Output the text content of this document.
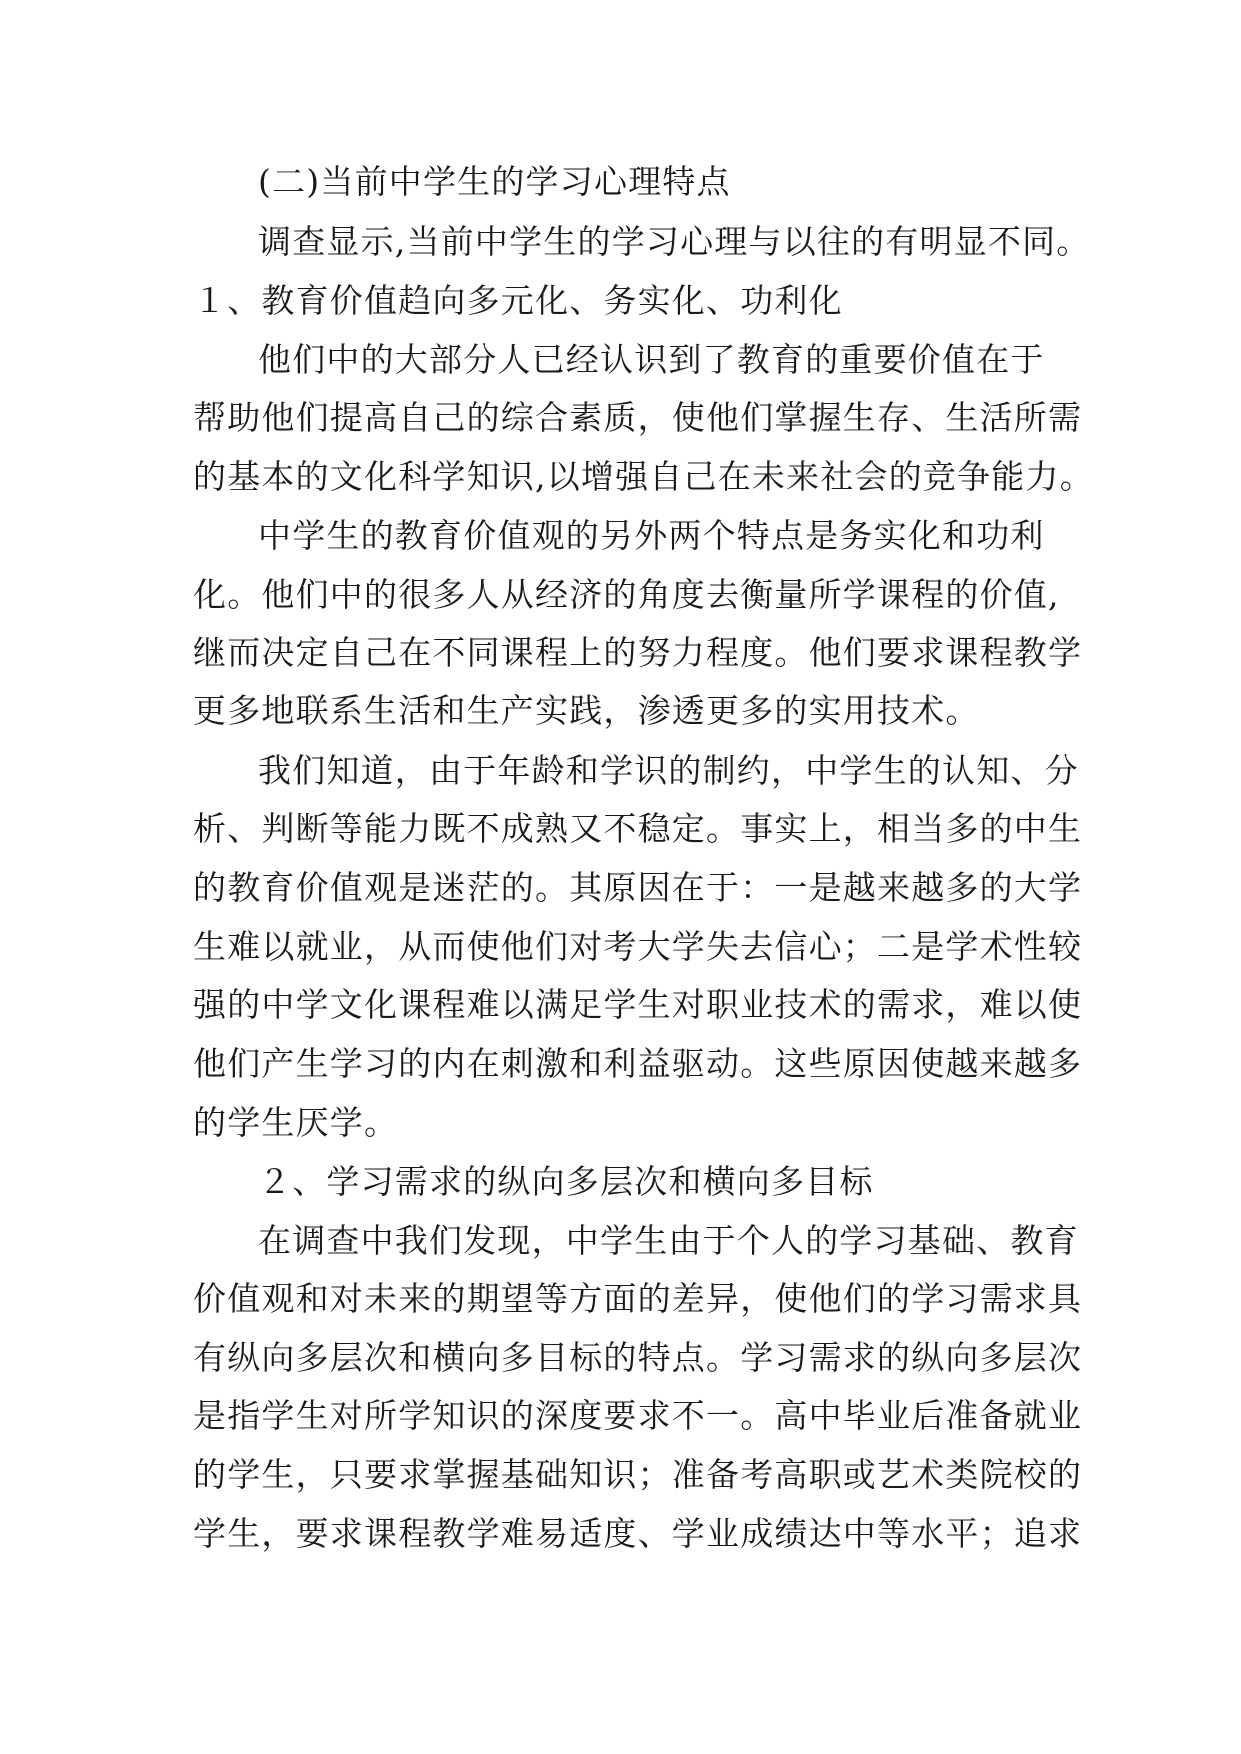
(二)当前中学生的学习心理特点

调查显示,当前中学生的学习心理与以往的有明显不同。

１、教育价值趋向多元化、务实化、功利化

他们中的大部分人已经认识到了教育的重要价值在于

帮助他们提高自己的综合素质，使他们掌握生存、生活所需

的基本的文化科学知识,以增强自己在未来社会的竞争能力。

中学生的教育价值观的另外两个特点是务实化和功利

化。他们中的很多人从经济的角度去衡量所学课程的价值,

继而决定自己在不同课程上的努力程度。他们要求课程教学

更多地联系生活和生产实践，渗透更多的实用技术。

我们知道，由于年龄和学识的制约，中学生的认知、分

析、判断等能力既不成熟又不稳定。事实上，相当多的中生

的教育价值观是迷茫的。其原因在于：一是越来越多的大学

生难以就业，从而使他们对考大学失去信心；二是学术性较

强的中学文化课程难以满足学生对职业技术的需求，难以使

他们产生学习的内在刺激和利益驱动。这些原因使越来越多

的学生厌学。

２、学习需求的纵向多层次和横向多目标

在调查中我们发现，中学生由于个人的学习基础、教育

价值观和对未来的期望等方面的差异，使他们的学习需求具

有纵向多层次和横向多目标的特点。学习需求的纵向多层次

是指学生对所学知识的深度要求不一。高中毕业后准备就业

的学生，只要求掌握基础知识；准备考高职或艺术类院校的

学生，要求课程教学难易适度、学业成绩达中等水平；追求
